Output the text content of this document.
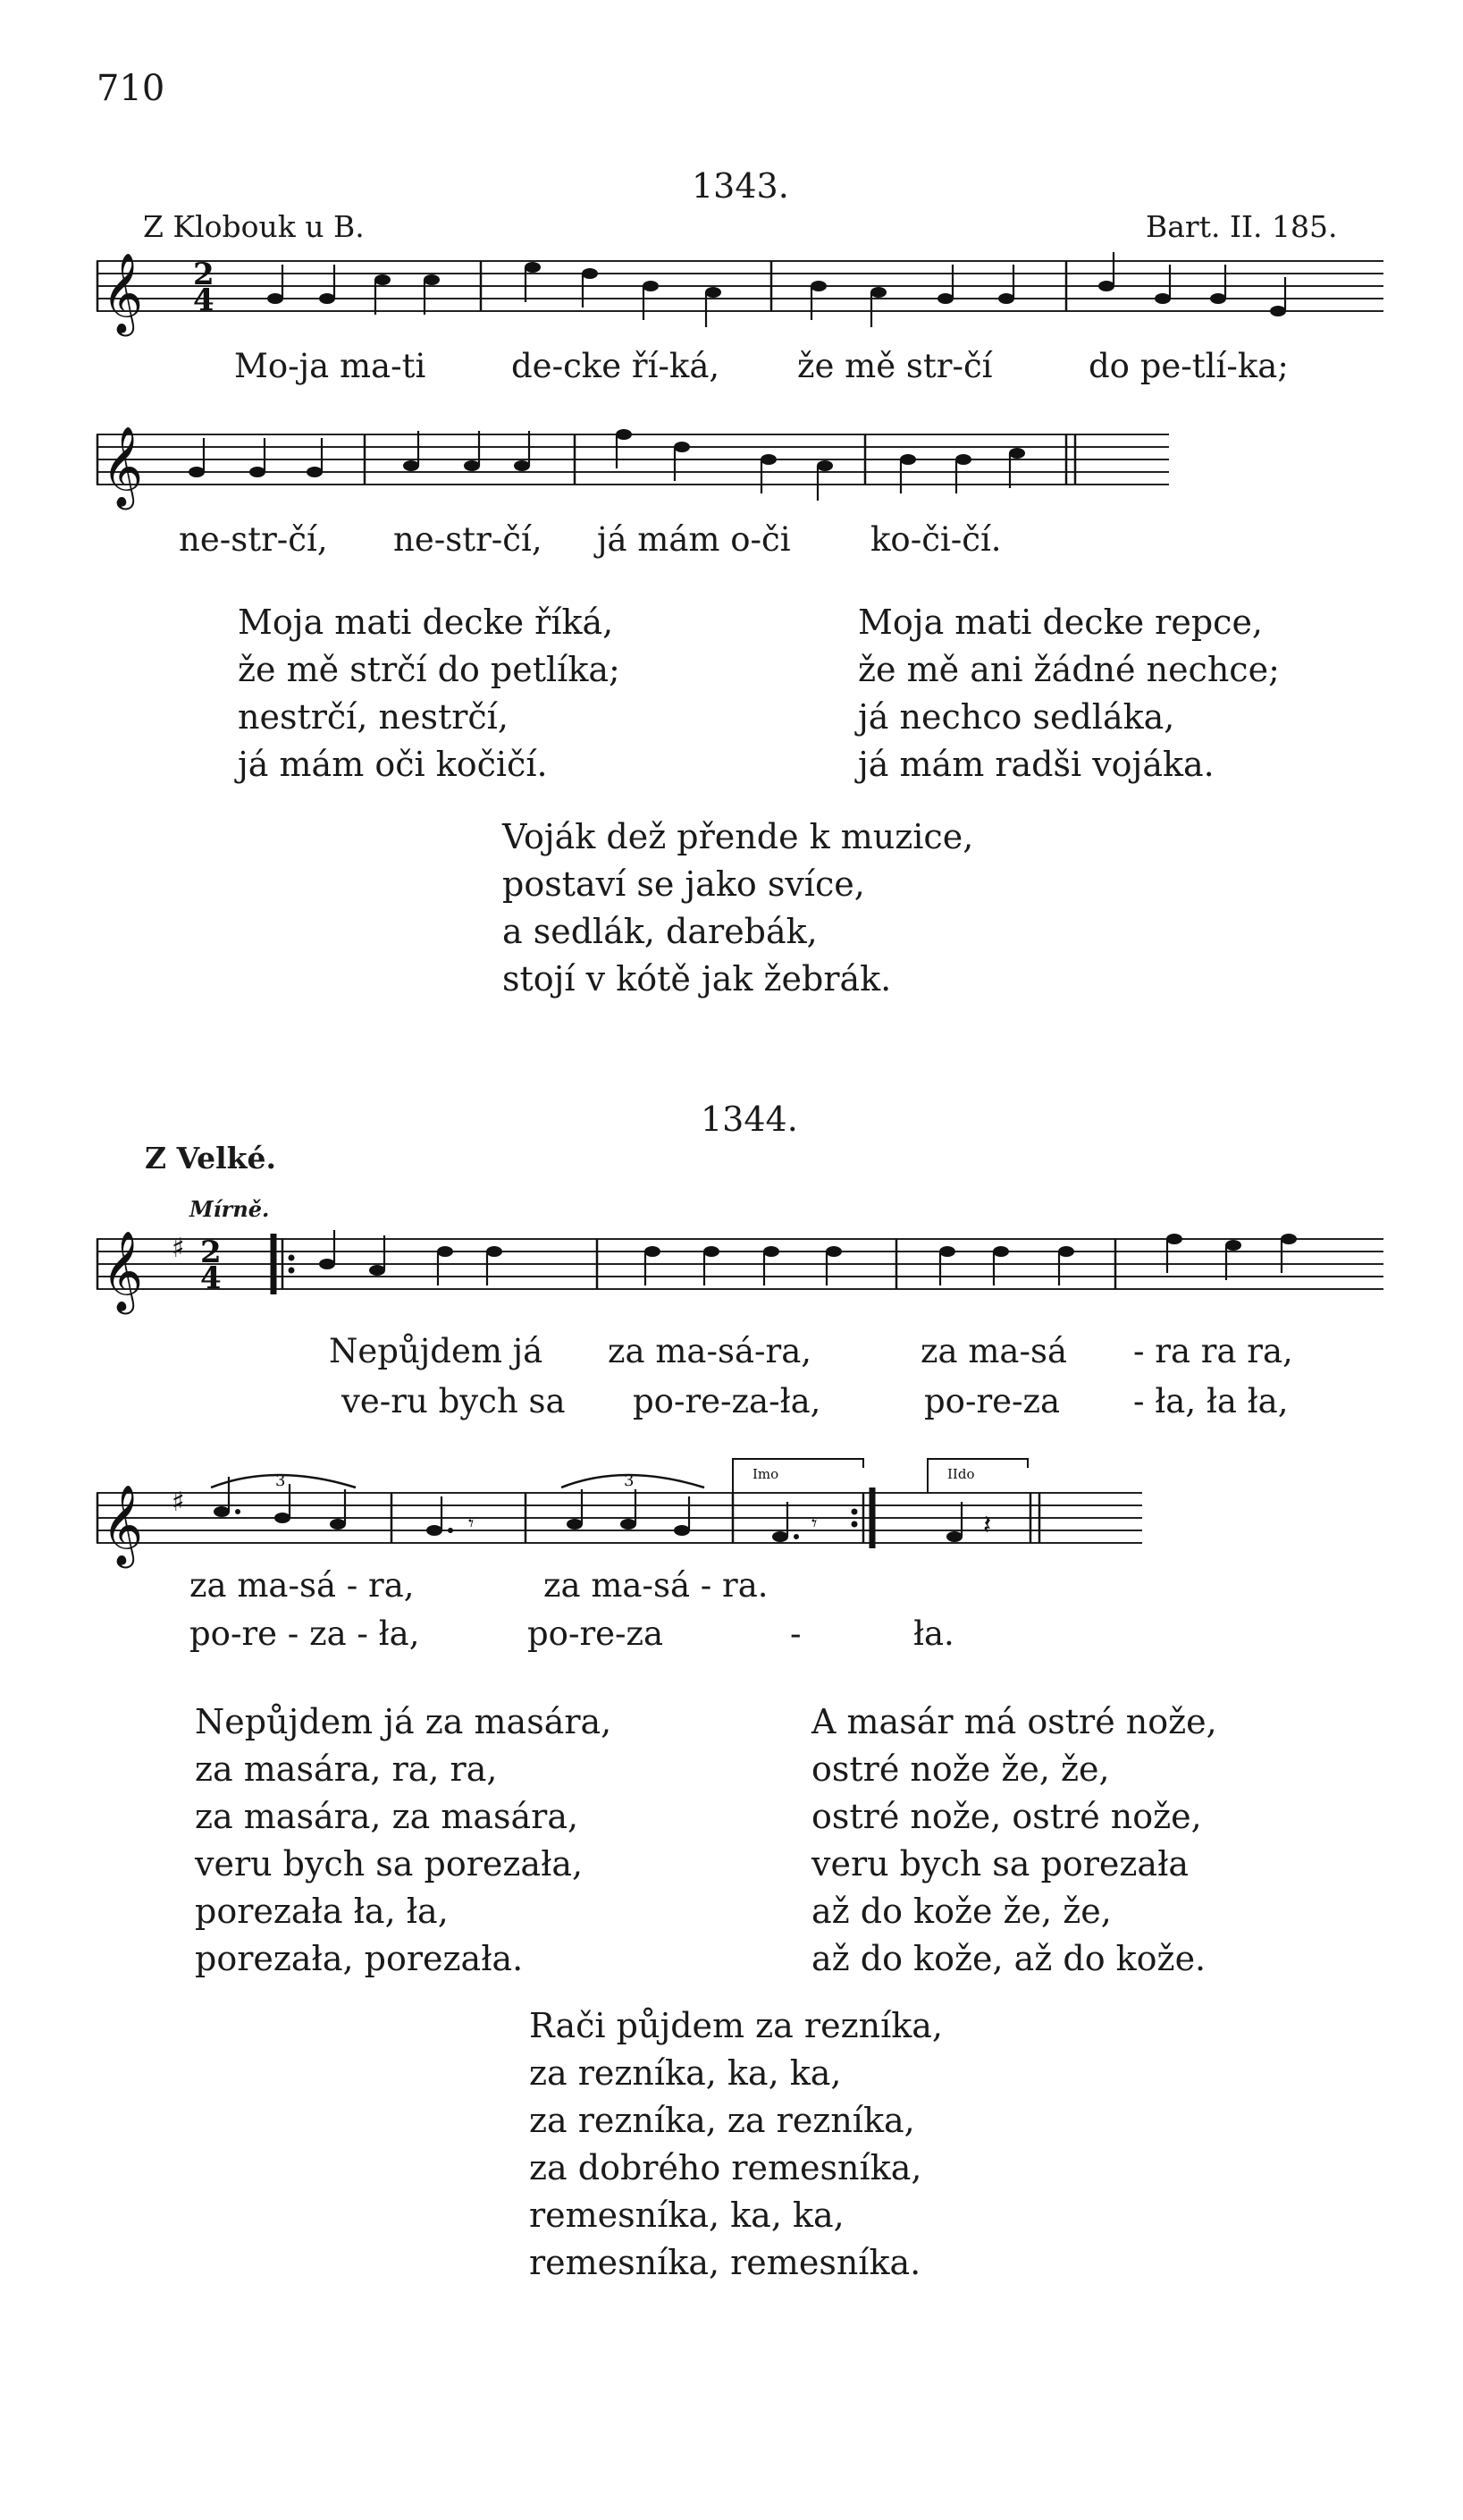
710
1343.
Z Klobouk u B.	Bart. II. 185.
𝄞 2
4
Mo-ja ma-ti	de-cke ří-ká, že mě str-čí	do pe-tlí-ka;
𝄞
ne-str-čí, ne-str-čí, já mám o-či ko-či-čí.
Moja mati decke říká,
že mě strčí do petlíka;
nestrčí, nestrčí,
já mám oči kočičí.
Moja mati decke repce,
že mě ani žádné nechce;
já nechco sedláka,
já mám radši vojáka.
Voják dež přende k muzice,
postaví se jako svíce,
a sedlák, darebák,
stojí v kótě jak žebrák.
1344.
Z Velké.
Mírně.
𝄞 ♯ 2
4
Nepůjdem já za ma-sá-ra,	za ma-sá - ra ra ra,
ve-ru bych sa po-re-za-ła,	po-re-za - ła, ła ła,
𝄞 ♯
3	3	Imo	IIdo
𝄾	𝄾	𝄽
za ma-sá - ra,	za ma-sá - ra.
po-re - za - ła,	po-re-za	-	ła.
Nepůjdem já za masára,
za masára, ra, ra,
za masára, za masára,
veru bych sa porezała,
porezała ła, ła,
porezała, porezała.
A masár má ostré nože,
ostré nože že, že,
ostré nože, ostré nože,
veru bych sa porezała
až do kože že, že,
až do kože, až do kože.
Rači půjdem za rezníka,
za rezníka, ka, ka,
za rezníka, za rezníka,
za dobrého remesníka,
remesníka, ka, ka,
remesníka, remesníka.
